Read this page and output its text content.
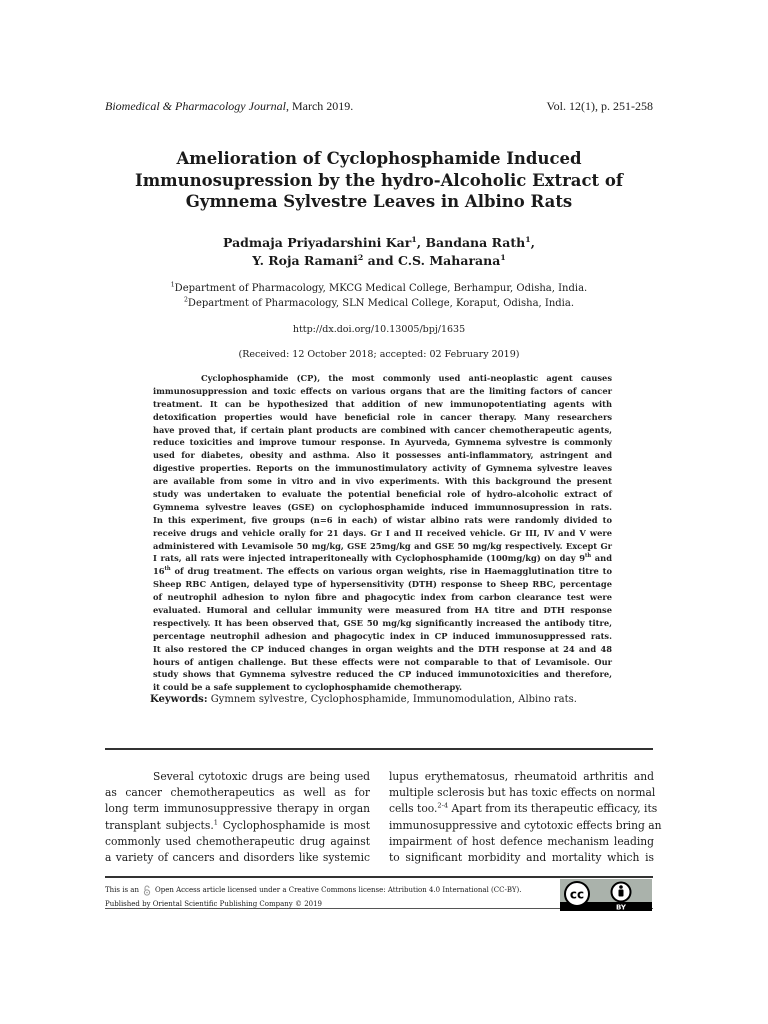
Biomedical & Pharmacology Journal, March 2019.	Vol. 12(1), p. 251-258
Amelioration of Cyclophosphamide Induced
Immunosupression by the hydro-Alcoholic Extract of
Gymnema Sylvestre Leaves in Albino Rats
Padmaja Priyadarshini Kar$^1$, Bandana Rath$^1$,
Y. Roja Ramani$^2$ and C.S. Maharana$^1$
$^1$Department of Pharmacology, MKCG Medical College, Berhampur, Odisha, India.
$^2$Department of Pharmacology, SLN Medical College, Koraput, Odisha, India.
http://dx.doi.org/10.13005/bpj/1635
(Received: 12 October 2018; accepted: 02 February 2019)
Cyclophosphamide (CP), the most commonly used anti-neoplastic agent causes
immunosuppression and toxic effects on various organs that are the limiting factors of cancer
treatment. It can be hypothesized that addition of new immunopotentiating agents with
detoxification properties would have beneficial role in cancer therapy. Many researchers
have proved that, if certain plant products are combined with cancer chemotherapeutic agents,
reduce toxicities and improve tumour response. In Ayurveda, Gymnema sylvestre is commonly
used for diabetes, obesity and asthma. Also it possesses anti-inflammatory, astringent and
digestive properties. Reports on the immunostimulatory activity of Gymnema sylvestre leaves
are available from some in vitro and in vivo experiments. With this background the present
study was undertaken to evaluate the potential beneficial role of hydro-alcoholic extract of
Gymnema sylvestre leaves (GSE) on cyclophosphamide induced immunnosupression in rats.
In this experiment, five groups (n=6 in each) of wistar albino rats were randomly divided to
receive drugs and vehicle orally for 21 days. Gr I and II received vehicle. Gr III, IV and V were
administered with Levamisole 50 mg/kg, GSE 25mg/kg and GSE 50 mg/kg respectively. Except Gr
I rats, all rats were injected intraperitoneally with Cyclophosphamide (100mg/kg) on day 9th and
16th of drug treatment. The effects on various organ weights, rise in Haemagglutination titre to
Sheep RBC Antigen, delayed type of hypersensitivity (DTH) response to Sheep RBC, percentage
of neutrophil adhesion to nylon fibre and phagocytic index from carbon clearance test were
evaluated. Humoral and cellular immunity were measured from HA titre and DTH response
respectively. It has been observed that, GSE 50 mg/kg significantly increased the antibody titre,
percentage neutrophil adhesion and phagocytic index in CP induced immunosuppressed rats.
It also restored the CP induced changes in organ weights and the DTH response at 24 and 48
hours of antigen challenge. But these effects were not comparable to that of Levamisole. Our
study shows that Gymnema sylvestre reduced the CP induced immunotoxicities and therefore,
it could be a safe supplement to cyclophosphamide chemotherapy.
Keywords: Gymnem sylvestre, Cyclophosphamide, Immunomodulation, Albino rats.
Several cytotoxic drugs are being used
as cancer chemotherapeutics as well as for
long term immunosuppressive therapy in organ
transplant subjects.$^1$ Cyclophosphamide is most
commonly used chemotherapeutic drug against
a variety of cancers and disorders like systemic
lupus erythematosus, rheumatoid arthritis and
multiple sclerosis but has toxic effects on normal
cells too.$^{2-4}$ Apart from its therapeutic efficacy, its
immunosuppressive and cytotoxic effects bring an
impairment of host defence mechanism leading
to significant morbidity and mortality which is
This is an Open Access article licensed under a Creative Commons license: Attribution 4.0 International (CC-BY).
Published by Oriental Scientific Publishing Company © 2019
cc
BY
